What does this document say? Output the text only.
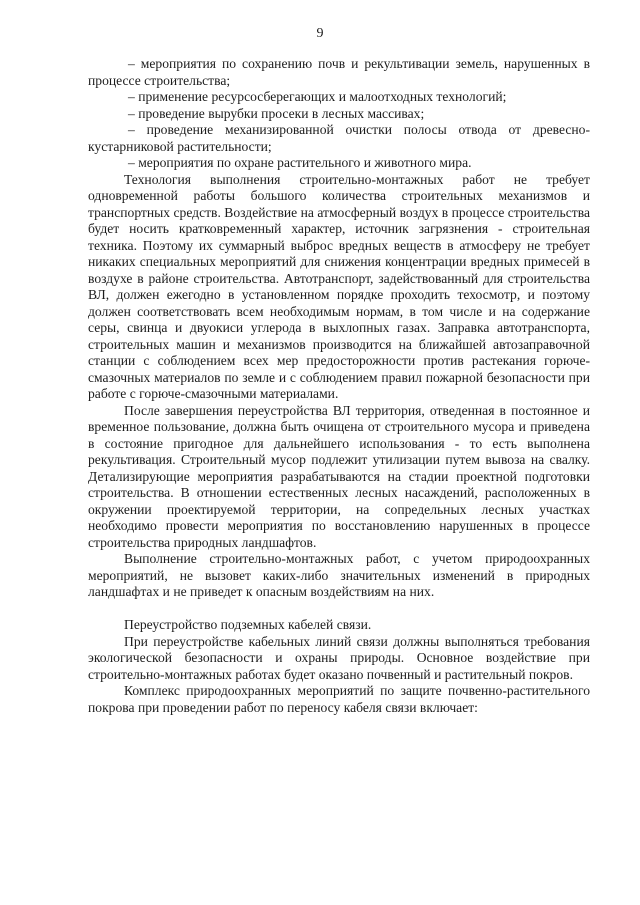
9

– мероприятия по сохранению почв и рекультивации земель, нарушенных в процессе строительства;

– применение ресурсосберегающих и малоотходных технологий;

– проведение вырубки просеки в лесных массивах;

– проведение механизированной очистки полосы отвода от древесно-кустарниковой растительности;

– мероприятия по охране растительного и животного мира.

Технология выполнения строительно-монтажных работ не требует одновременной работы большого количества строительных механизмов и транспортных средств. Воздействие на атмосферный воздух в процессе строительства будет носить кратковременный характер, источник загрязнения - строительная техника. Поэтому их суммарный выброс вредных веществ в атмосферу не требует никаких специальных мероприятий для снижения концентрации вредных примесей в воздухе в районе строительства. Автотранспорт, задействованный для строительства ВЛ, должен ежегодно в установленном порядке проходить техосмотр, и поэтому должен соответствовать всем необходимым нормам, в том числе и на содержание серы, свинца и двуокиси углерода в выхлопных газах. Заправка автотранспорта, строительных машин и механизмов производится на ближайшей автозаправочной станции с соблюдением всех мер предосторожности против растекания горюче-смазочных материалов по земле и с соблюдением правил пожарной безопасности при работе с горюче-смазочными материалами.

После завершения переустройства ВЛ территория, отведенная в постоянное и временное пользование, должна быть очищена от строительного мусора и приведена в состояние пригодное для дальнейшего использования - то есть выполнена рекультивация. Строительный мусор подлежит утилизации путем вывоза на свалку. Детализирующие мероприятия разрабатываются на стадии проектной подготовки строительства. В отношении естественных лесных насаждений, расположенных в окружении проектируемой территории, на сопредельных лесных участках необходимо провести мероприятия по восстановлению нарушенных в процессе строительства природных ландшафтов.

Выполнение строительно-монтажных работ, с учетом природоохранных мероприятий, не вызовет каких-либо значительных изменений в природных ландшафтах и не приведет к опасным воздействиям на них.

Переустройство подземных кабелей связи.

При переустройстве кабельных линий связи должны выполняться требования экологической безопасности и охраны природы. Основное воздействие при строительно-монтажных работах будет оказано почвенный и растительный покров.

Комплекс природоохранных мероприятий по защите почвенно-растительного покрова при проведении работ по переносу кабеля связи включает:
